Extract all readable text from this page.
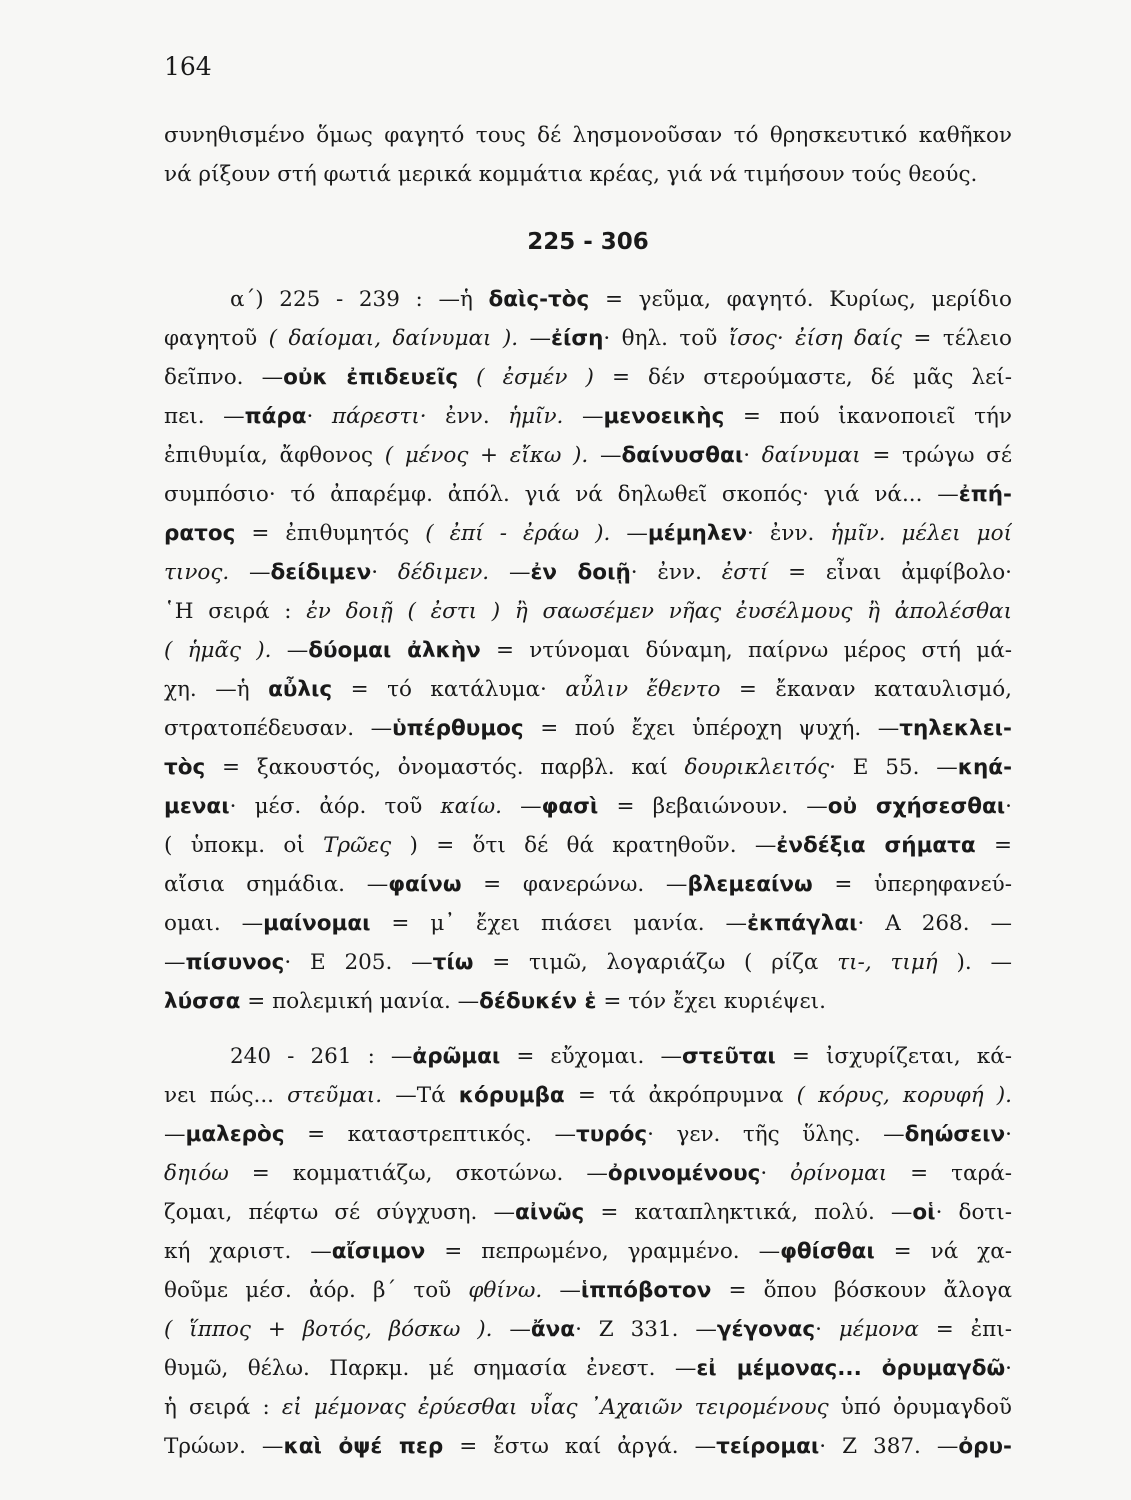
164
συνηθισμένο ὅμως φαγητό τους δέ λησμονοῦσαν τό θρησκευτικό καθῆκον
νά ρίξουν στή φωτιά μερικά κομμάτια κρέας, γιά νά τιμήσουν τούς θεούς.
225 - 306
α΄) 225 - 239 : —ἡ δαὶς-τὸς = γεῦμα, φαγητό. Κυρίως, μερίδιο
φαγητοῦ ( δαίομαι, δαίνυμαι ). —ἐίση· θηλ. τοῦ ἴσος· ἐίση δαίς = τέλειο
δεῖπνο. —οὐκ ἐπιδευεῖς ( ἐσμέν ) = δέν στερούμαστε, δέ μᾶς λεί-
πει. —πάρα· πάρεστι· ἐνν. ἡμῖν. —μενοεικὴς = πού ἱκανοποιεῖ τήν
ἐπιθυμία, ἄφθονος ( μένος + εἴκω ). —δαίνυσθαι· δαίνυμαι = τρώγω σέ
συμπόσιο· τό ἀπαρέμφ. ἀπόλ. γιά νά δηλωθεῖ σκοπός· γιά νά... —ἐπή-
ρατος = ἐπιθυμητός ( ἐπί - ἐράω ). —μέμηλεν· ἐνν. ἡμῖν. μέλει μοί
τινος. —δείδιμεν· δέδιμεν. —ἐν δοιῇ· ἐνν. ἐστί = εἶναι ἀμφίβολο·
῾Η σειρά : ἐν δοιῇ ( ἐστι ) ἢ σαωσέμεν νῆας ἐυσέλμους ἢ ἀπολέσθαι
( ἡμᾶς ). —δύομαι ἀλκὴν = ντύνομαι δύναμη, παίρνω μέρος στή μά-
χη. —ἡ αὖλις = τό κατάλυμα· αὖλιν ἔθεντο = ἔκαναν καταυλισμό,
στρατοπέδευσαν. —ὑπέρθυμος = πού ἔχει ὑπέροχη ψυχή. —τηλεκλει-
τὸς = ξακουστός, ὀνομαστός. παρβλ. καί δουρικλειτός· Ε 55. —κηά-
μεναι· μέσ. ἀόρ. τοῦ καίω. —φασὶ = βεβαιώνουν. —οὐ σχήσεσθαι·
( ὑποκμ. οἱ Τρῶες ) = ὅτι δέ θά κρατηθοῦν. —ἐνδέξια σήματα =
αἴσια σημάδια. —φαίνω = φανερώνω. —βλεμεαίνω = ὑπερηφανεύ-
ομαι. —μαίνομαι = μ᾿ ἔχει πιάσει μανία. —ἐκπάγλαι· Α 268. —
—πίσυνος· Ε 205. —τίω = τιμῶ, λογαριάζω ( ρίζα τι-, τιμή ). —
λύσσα = πολεμική μανία. —δέδυκέν ἑ = τόν ἔχει κυριέψει.
240 - 261 : —ἀρῶμαι = εὔχομαι. —στεῦται = ἰσχυρίζεται, κά-
νει πώς... στεῦμαι. —Τά κόρυμβα = τά ἀκρόπρυμνα ( κόρυς, κορυφή ).
—μαλερὸς = καταστρεπτικός. —τυρός· γεν. τῆς ὕλης. —δηώσειν·
δηιόω = κομματιάζω, σκοτώνω. —ὀρινομένους· ὀρίνομαι = ταρά-
ζομαι, πέφτω σέ σύγχυση. —αἰνῶς = καταπληκτικά, πολύ. —οἱ· δοτι-
κή χαριστ. —αἴσιμον = πεπρωμένο, γραμμένο. —φθίσθαι = νά χα-
θοῦμε μέσ. ἀόρ. β΄ τοῦ φθίνω. —ἱππόβοτον = ὅπου βόσκουν ἄλογα
( ἵππος + βοτός, βόσκω ). —ἄνα· Ζ 331. —γέγονας· μέμονα = ἐπι-
θυμῶ, θέλω. Παρκμ. μέ σημασία ἐνεστ. —εἰ μέμονας... ὀρυμαγδῶ·
ἡ σειρά : εἰ μέμονας ἐρύεσθαι υἷας ᾿Αχαιῶν τειρομένους ὑπό ὀρυμαγδοῦ
Τρώων. —καὶ ὀψέ περ = ἔστω καί ἀργά. —τείρομαι· Ζ 387. —ὀρυ-
